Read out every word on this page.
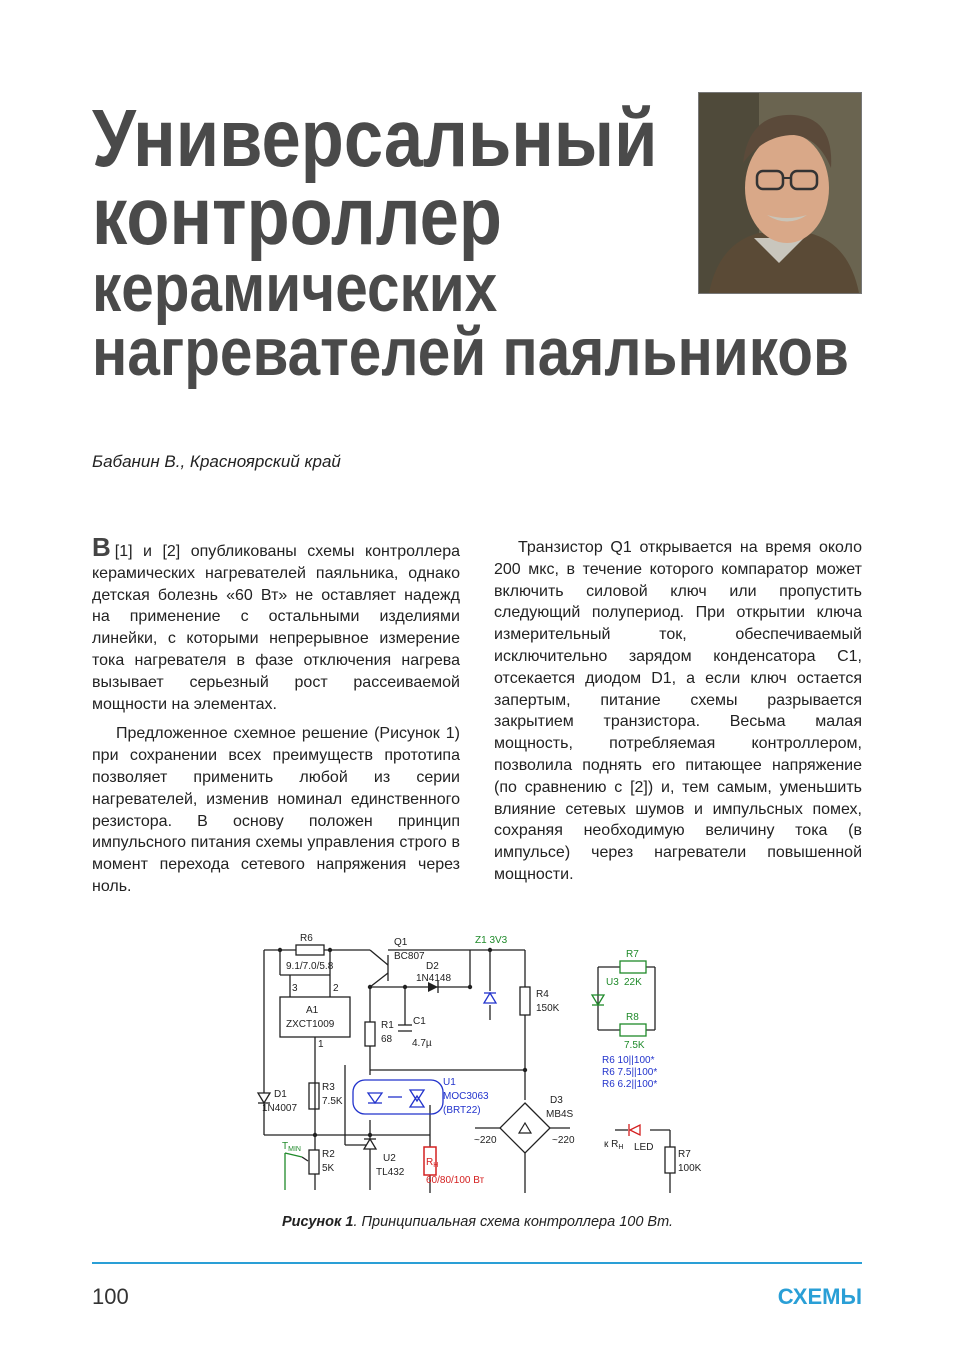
Универсальный
контроллер
керамических
нагревателей паяльников
Бабанин В., Красноярский край

В [1] и [2] опубликованы схемы контроллера керамических нагревателей паяльника, однако детская болезнь «60 Вт» не оставляет надежд на применение с остальными изделиями линейки, с которыми непрерывное измерение тока нагревателя в фазе отключения нагрева вызывает серьезный рост рассеиваемой мощности на элементах.

Предложенное схемное решение (Рисунок 1) при сохранении всех преимуществ прототипа позволяет применить любой из серии нагревателей, изменив номинал единственного резистора. В основу положен принцип импульсного питания схемы управления строго в момент перехода сетевого напряжения через ноль.

Транзистор Q1 открывается на время около 200 мкс, в течение которого компаратор может включить силовой ключ или пропустить следующий полупериод. При открытии ключа измерительный ток, обеспечиваемый исключительно зарядом конденсатора C1, отсекается диодом D1, а если ключ остается запертым, питание схемы разрывается закрытием транзистора. Весьма малая мощность, потребляемая контроллером, позволила поднять его питающее напряжение (по сравнению с [2]) и, тем самым, уменьшить влияние сетевых шумов и импульсных помех, сохраняя необходимую величину тока (в импульсе) через нагреватели повышенной мощности.

R6
9.1/7.0/5.8
Q1
BC807
Z1 3V3
D2
1N4148
3	2
A1
ZXCT1009
1
R1
68
C1
4.7µ
R4
150K
D1
1N4007
R3
7.5K
U1
MOC3063
(BRT22)
D3
MB4S
~220	~220
$T_{MIN}$ R2
5K
U2
TL432
$R_Н$
60/80/100 Вт
R7
22K
U3
R8
7.5K
R6 10||100*
R6 7.5||100*
R6 6.2||100*
к $R_Н$ LED
R7
100K
Рисунок 1. Принципиальная схема контроллера 100 Вт.
100	СХЕМЫ
